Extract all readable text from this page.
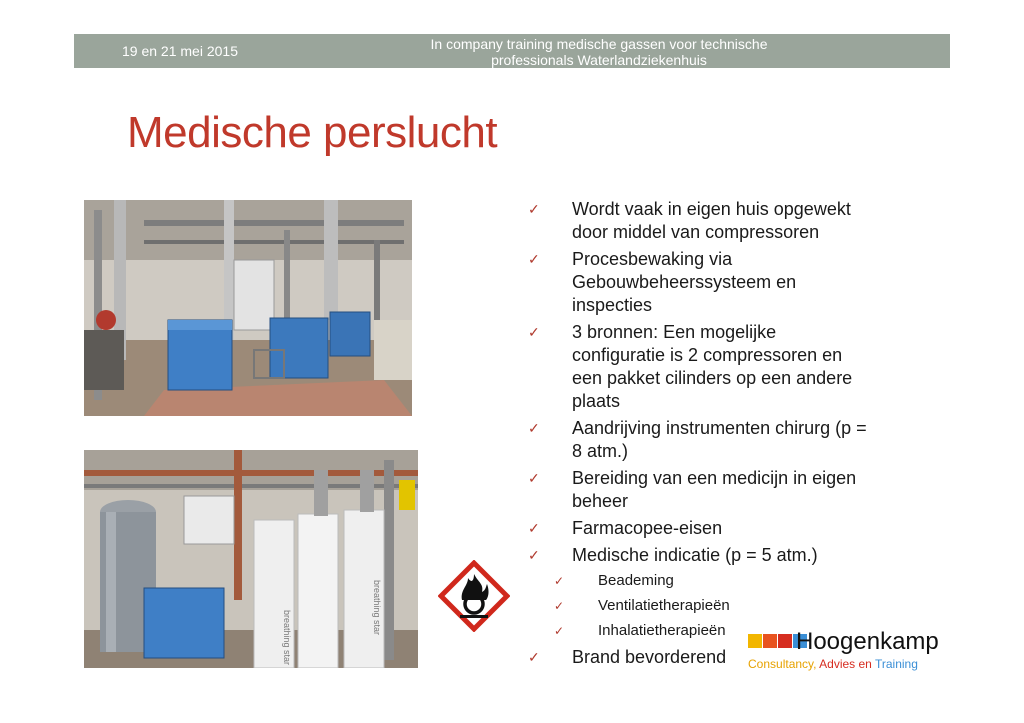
19 en 21 mei 2015	In company training medische gassen voor technische
professionals Waterlandziekenhuis
Medische perslucht
breathing star
breathing star
✓ Wordt vaak in eigen huis opgewekt
door middel van compressoren
✓ Procesbewaking via
Gebouwbeheerssysteem en
inspecties
✓ 3 bronnen: Een mogelijke
configuratie is 2 compressoren en
een pakket cilinders op een andere
plaats
✓ Aandrijving instrumenten chirurg (p =
8 atm.)
✓ Bereiding van een medicijn in eigen
beheer
✓ Farmacopee-eisen
✓ Medische indicatie (p = 5 atm.)
✓ Beademing
✓ Ventilatietherapieën
✓ Inhalatietherapieën
✓ Brand bevorderend
Hoogenkamp
Consultancy, Advies en Training
